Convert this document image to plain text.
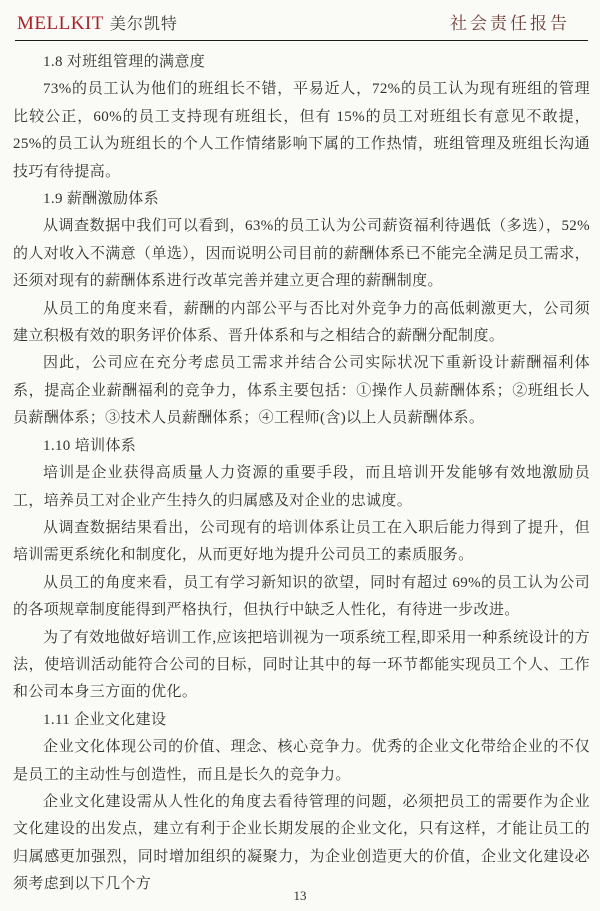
MELLKIT 美尔凯特	社会责任报告
1.8 对班组管理的满意度

73%的员工认为他们的班组长不错，平易近人，72%的员工认为现有班组的管理比较公正，60%的员工支持现有班组长，但有 15%的员工对班组长有意见不敢提，25%的员工认为班组长的个人工作情绪影响下属的工作热情，班组管理及班组长沟通技巧有待提高。

1.9 薪酬激励体系

从调查数据中我们可以看到，63%的员工认为公司薪资福利待遇低（多选），52%的人对收入不满意（单选），因而说明公司目前的薪酬体系已不能完全满足员工需求，还须对现有的薪酬体系进行改革完善并建立更合理的薪酬制度。

从员工的角度来看，薪酬的内部公平与否比对外竞争力的高低刺激更大，公司须建立积极有效的职务评价体系、晋升体系和与之相结合的薪酬分配制度。

因此，公司应在充分考虑员工需求并结合公司实际状况下重新设计薪酬福利体系，提高企业薪酬福利的竞争力，体系主要包括：①操作人员薪酬体系；②班组长人员薪酬体系；③技术人员薪酬体系；④工程师(含)以上人员薪酬体系。

1.10 培训体系

培训是企业获得高质量人力资源的重要手段，而且培训开发能够有效地激励员工，培养员工对企业产生持久的归属感及对企业的忠诚度。

从调查数据结果看出，公司现有的培训体系让员工在入职后能力得到了提升，但培训需更系统化和制度化，从而更好地为提升公司员工的素质服务。

从员工的角度来看，员工有学习新知识的欲望，同时有超过 69%的员工认为公司的各项规章制度能得到严格执行，但执行中缺乏人性化，有待进一步改进。

为了有效地做好培训工作,应该把培训视为一项系统工程,即采用一种系统设计的方法，使培训活动能符合公司的目标，同时让其中的每一环节都能实现员工个人、工作和公司本身三方面的优化。

1.11 企业文化建设

企业文化体现公司的价值、理念、核心竞争力。优秀的企业文化带给企业的不仅是员工的主动性与创造性，而且是长久的竞争力。

企业文化建设需从人性化的角度去看待管理的问题，必须把员工的需要作为企业文化建设的出发点，建立有利于企业长期发展的企业文化，只有这样，才能让员工的归属感更加强烈，同时增加组织的凝聚力，为企业创造更大的价值，企业文化建设必须考虑到以下几个方

13
